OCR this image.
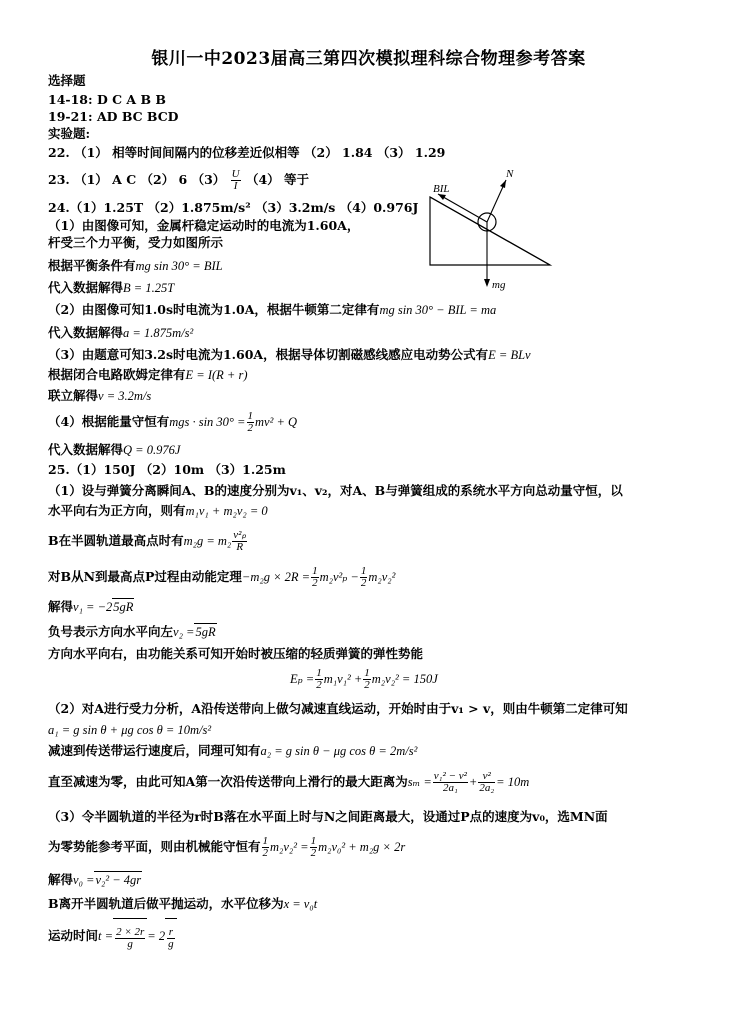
银川一中2023届高三第四次模拟理科综合物理参考答案
选择题
14-18: D C A B B
19-21: AD BC BCD
实验题:
22. （1） 相等时间间隔内的位移差近似相等 （2） 1.84 （3） 1.29
23. （1） A C （2） 6 $(3) \frac{U}{I} (4)$ 等于
24.（1）1.25T （2）1.875m/s² （3）3.2m/s （4）0.976J
（1）由图像可知，金属杆稳定运动时的电流为1.60A，
杆受三个力平衡，受力如图所示
根据平衡条件有mg sin 30° = BIL
代入数据解得B = 1.25T
（2）由图像可知1.0s时电流为1.0A，根据牛顿第二定律有mg sin 30° − BIL = ma
代入数据解得a = 1.875m/s²
（3）由题意可知3.2s时电流为1.60A，根据导体切割磁感线感应电动势公式有E = BLv
根据闭合电路欧姆定律有E = I(R + r)
联立解得v = 3.2m/s
（4）根据能量守恒有mgs · $\sin 30^\circ = \frac{1}{2} mv^2 + Q$
代入数据解得Q = 0.976J
25.（1）150J （2）10m （3）1.25m
（1）设与弹簧分离瞬间A、B的速度分别为v₁、v₂，对A、B与弹簧组成的系统水平方向总动量守恒，以
水平向右为正方向，则有m₁v₁ + m₂v₂ = 0
B在半圆轨道最高点时有$m_2g = m_2 \frac{\text{v²ₚ}}{R}$
对B从N到最高点P过程由动能定理$-m_2g \times 2R = \frac{1}{2} m_2v^2_p - \frac{1}{2} m_2v_2^2$
解得v₁ = −25gR
负号表示方向水平向左v₂ =5gR
方向水平向右，由功能关系可知开始时被压缩的轻质弹簧的弹性势能
$E_p = \frac{1}{2} m_1v_1^2 + \frac{1}{2} m_2v_2^2 = 150J$
（2）对A进行受力分析，A沿传送带向上做匀减速直线运动，开始时由于v₁ > v，则由牛顿第二定律可知
a₁ = g sin θ + μg cos θ = 10m/s²
减速到传送带运行速度后，同理可知有a₂ = g sin θ − μg cos θ = 2m/s²
直至减速为零，由此可知A第一次沿传送带向上滑行的最大距离为$s_m = \frac{\text{v₁² − v²}}{\text{2a₁}} + \frac{\text{v²}}{\text{2a₂}} = 10m$
（3）令半圆轨道的半径为r时B落在水平面上时与N之间距离最大，设通过P点的速度为v₀，选MN面
为零势能参考平面，则由机械能守恒有 $\frac{1}{2} m_2v_2^2 = \frac{1}{2} m_2v_0^2 + m_2g \times 2r$
解得v₀ =v₂² − 4gr
B离开半圆轨道后做平抛运动，水平位移为x = v₀t
运动时间$t = \frac{2 \times 2r}{g} = 2 \frac{r}{g}$
BIL
N
mg
